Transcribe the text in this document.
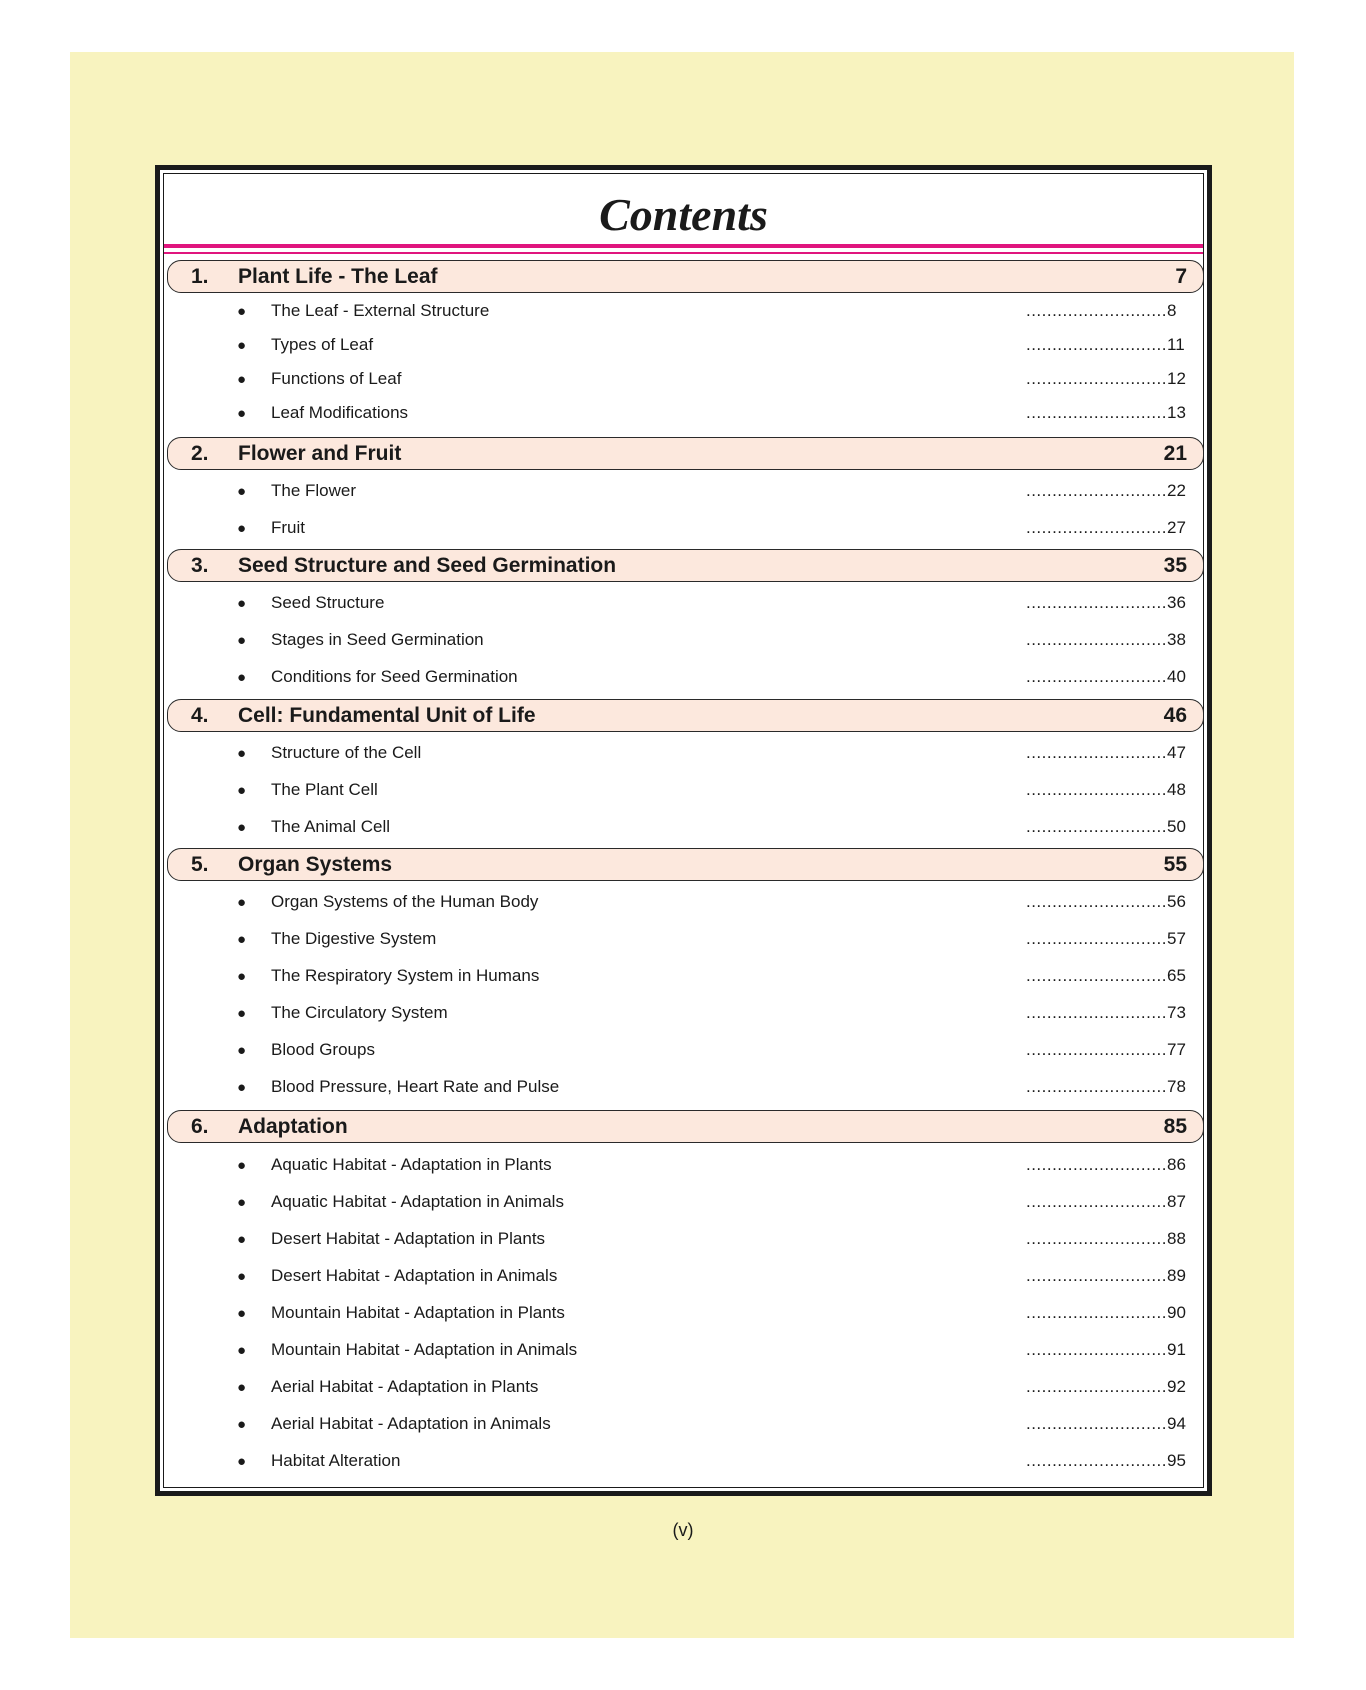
Contents
1. Plant Life - The Leaf	7
● The Leaf - External Structure	........................... 8
● Types of Leaf	........................... 11
● Functions of Leaf	........................... 12
● Leaf Modifications	........................... 13
2. Flower and Fruit	21
● The Flower	........................... 22
● Fruit	........................... 27
3. Seed Structure and Seed Germination	35
● Seed Structure	........................... 36
● Stages in Seed Germination	........................... 38
● Conditions for Seed Germination	........................... 40
4. Cell: Fundamental Unit of Life	46
● Structure of the Cell	........................... 47
● The Plant Cell	........................... 48
● The Animal Cell	........................... 50
5. Organ Systems	55
● Organ Systems of the Human Body	........................... 56
● The Digestive System	........................... 57
● The Respiratory System in Humans	........................... 65
● The Circulatory System	........................... 73
● Blood Groups	........................... 77
● Blood Pressure, Heart Rate and Pulse	........................... 78
6. Adaptation	85
● Aquatic Habitat - Adaptation in Plants	........................... 86
● Aquatic Habitat - Adaptation in Animals	........................... 87
● Desert Habitat - Adaptation in Plants	........................... 88
● Desert Habitat - Adaptation in Animals	........................... 89
● Mountain Habitat - Adaptation in Plants	........................... 90
● Mountain Habitat - Adaptation in Animals	........................... 91
● Aerial Habitat - Adaptation in Plants	........................... 92
● Aerial Habitat - Adaptation in Animals	........................... 94
● Habitat Alteration	........................... 95
(v)
